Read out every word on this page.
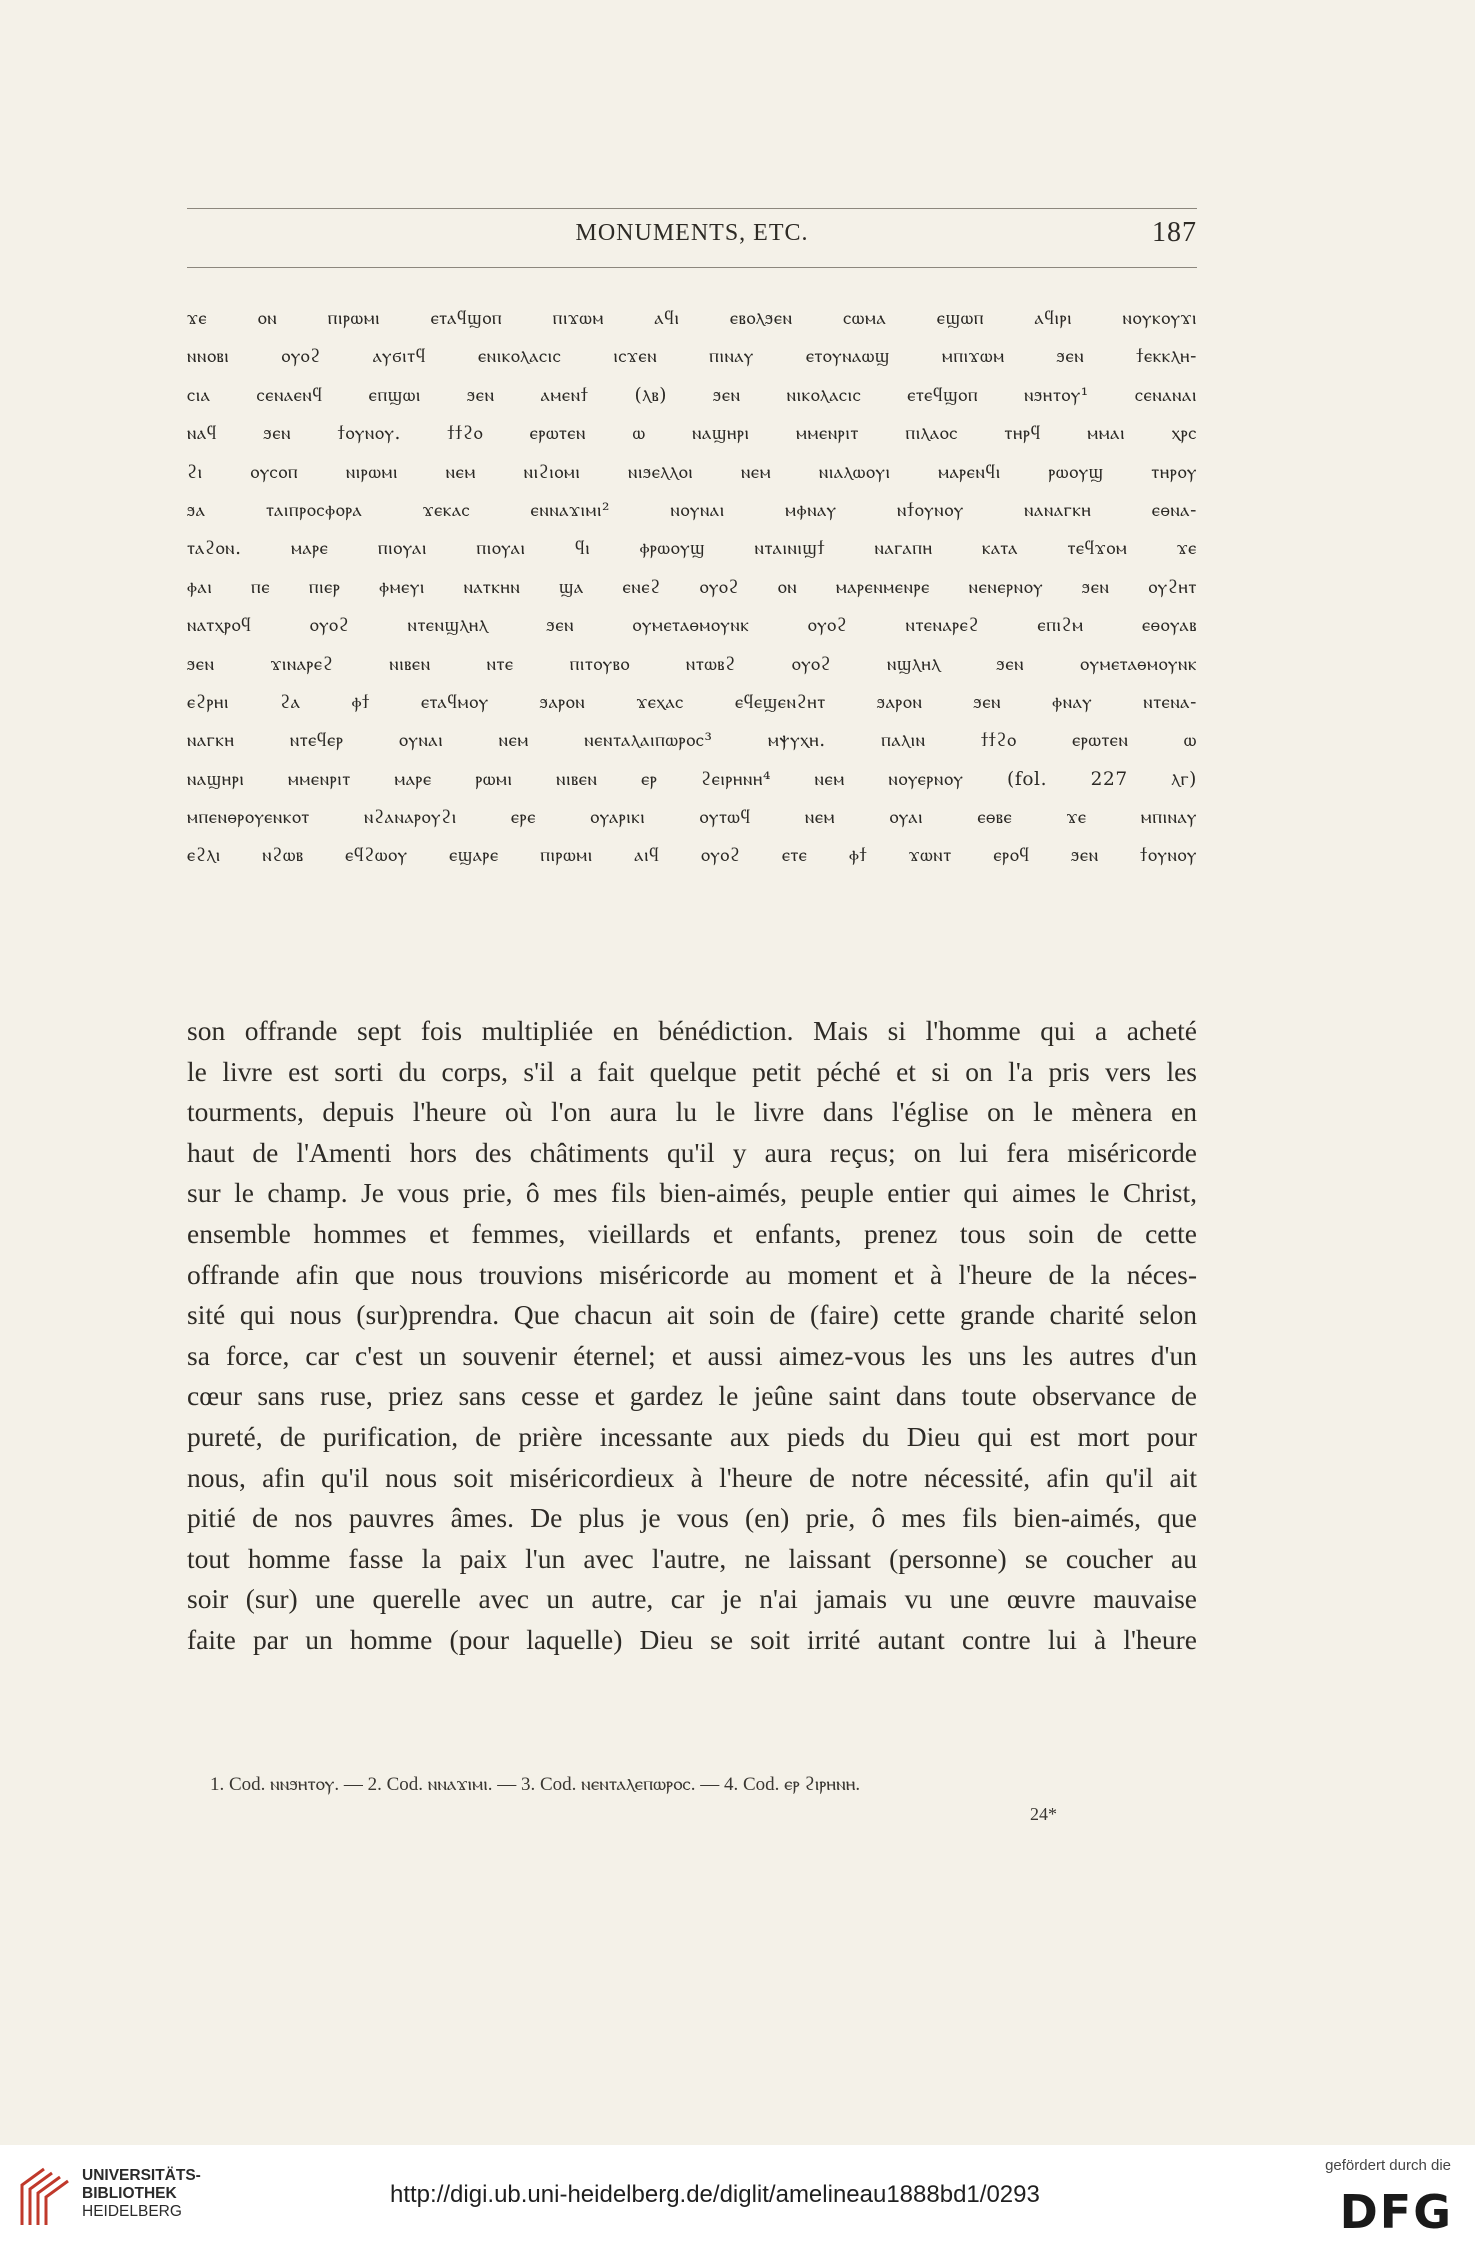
MONUMENTS, ETC.	187
ϫⲉ ⲟⲛ ⲡⲓⲣⲱⲙⲓ ⲉⲧⲁϥϣⲟⲡ ⲡⲓϫⲱⲙ ⲁϥⲓ ⲉⲃⲟⲗϧⲉⲛ ⲥⲱⲙⲁ ⲉϣⲱⲡ ⲁϥⲓⲣⲓ ⲛⲟⲩⲕⲟⲩϫⲓ
ⲛⲛⲟⲃⲓ ⲟⲩⲟϩ ⲁⲩϭⲓⲧϥ ⲉⲛⲓⲕⲟⲗⲁⲥⲓⲥ ⲓⲥϫⲉⲛ ⲡⲓⲛⲁⲩ ⲉⲧⲟⲩⲛⲁⲱϣ ⲙⲡⲓϫⲱⲙ ϧⲉⲛ ϯⲉⲕⲕⲗⲏ-
ⲥⲓⲁ ⲥⲉⲛⲁⲉⲛϥ ⲉⲡϣⲱⲓ ϧⲉⲛ ⲁⲙⲉⲛϯ (ⲗⲃ) ϧⲉⲛ ⲛⲓⲕⲟⲗⲁⲥⲓⲥ ⲉⲧⲉϥϣⲟⲡ ⲛϧⲏⲧⲟⲩ¹ ⲥⲉⲛⲁⲛⲁⲓ
ⲛⲁϥ ϧⲉⲛ ϯⲟⲩⲛⲟⲩ. ϯϯϩⲟ ⲉⲣⲱⲧⲉⲛ ⲱ ⲛⲁϣⲏⲣⲓ ⲙⲙⲉⲛⲣⲓⲧ ⲡⲓⲗⲁⲟⲥ ⲧⲏⲣϥ ⲙⲙⲁⲓ ⲭⲣⲥ
ϩⲓ ⲟⲩⲥⲟⲡ ⲛⲓⲣⲱⲙⲓ ⲛⲉⲙ ⲛⲓϩⲓⲟⲙⲓ ⲛⲓϧⲉⲗⲗⲟⲓ ⲛⲉⲙ ⲛⲓⲁⲗⲱⲟⲩⲓ ⲙⲁⲣⲉⲛϥⲓ ⲣⲱⲟⲩϣ ⲧⲏⲣⲟⲩ
ϧⲁ ⲧⲁⲓⲡⲣⲟⲥⲫⲟⲣⲁ ϫⲉⲕⲁⲥ ⲉⲛⲛⲁϫⲓⲙⲓ² ⲛⲟⲩⲛⲁⲓ ⲙⲫⲛⲁⲩ ⲛϯⲟⲩⲛⲟⲩ ⲛⲁⲛⲁⲅⲕⲏ ⲉⲑⲛⲁ-
ⲧⲁϩⲟⲛ. ⲙⲁⲣⲉ ⲡⲓⲟⲩⲁⲓ ⲡⲓⲟⲩⲁⲓ ϥⲓ ⲫⲣⲱⲟⲩϣ ⲛⲧⲁⲓⲛⲓϣϯ ⲛⲁⲅⲁⲡⲏ ⲕⲁⲧⲁ ⲧⲉϥϫⲟⲙ ϫⲉ
ⲫⲁⲓ ⲡⲉ ⲡⲓⲉⲣ ⲫⲙⲉⲩⲓ ⲛⲁⲧⲕⲏⲛ ϣⲁ ⲉⲛⲉϩ ⲟⲩⲟϩ ⲟⲛ ⲙⲁⲣⲉⲛⲙⲉⲛⲣⲉ ⲛⲉⲛⲉⲣⲛⲟⲩ ϧⲉⲛ ⲟⲩϩⲏⲧ
ⲛⲁⲧⲭⲣⲟϥ ⲟⲩⲟϩ ⲛⲧⲉⲛϣⲗⲏⲗ ϧⲉⲛ ⲟⲩⲙⲉⲧⲁⲑⲙⲟⲩⲛⲕ ⲟⲩⲟϩ ⲛⲧⲉⲛⲁⲣⲉϩ ⲉⲡⲓϩⲙ ⲉⲑⲟⲩⲁⲃ
ϧⲉⲛ ϫⲓⲛⲁⲣⲉϩ ⲛⲓⲃⲉⲛ ⲛⲧⲉ ⲡⲓⲧⲟⲩⲃⲟ ⲛⲧⲱⲃϩ ⲟⲩⲟϩ ⲛϣⲗⲏⲗ ϧⲉⲛ ⲟⲩⲙⲉⲧⲁⲑⲙⲟⲩⲛⲕ
ⲉϩⲣⲏⲓ ϩⲁ ⲫϯ ⲉⲧⲁϥⲙⲟⲩ ϧⲁⲣⲟⲛ ϫⲉⲭⲁⲥ ⲉϥⲉϣⲉⲛϩⲏⲧ ϧⲁⲣⲟⲛ ϧⲉⲛ ⲫⲛⲁⲩ ⲛⲧⲉⲛⲁ-
ⲛⲁⲅⲕⲏ ⲛⲧⲉϥⲉⲣ ⲟⲩⲛⲁⲓ ⲛⲉⲙ ⲛⲉⲛⲧⲁⲗⲁⲓⲡⲱⲣⲟⲥ³ ⲙⲯⲩⲭⲏ. ⲡⲁⲗⲓⲛ ϯϯϩⲟ ⲉⲣⲱⲧⲉⲛ ⲱ
ⲛⲁϣⲏⲣⲓ ⲙⲙⲉⲛⲣⲓⲧ ⲙⲁⲣⲉ ⲣⲱⲙⲓ ⲛⲓⲃⲉⲛ ⲉⲣ ϩⲉⲓⲣⲏⲛⲏ⁴ ⲛⲉⲙ ⲛⲟⲩⲉⲣⲛⲟⲩ (fol. 227 ⲗⲅ)
ⲙⲡⲉⲛⲑⲣⲟⲩⲉⲛⲕⲟⲧ ⲛϩⲁⲛⲁⲣⲟⲩϩⲓ ⲉⲣⲉ ⲟⲩⲁⲣⲓⲕⲓ ⲟⲩⲧⲱϥ ⲛⲉⲙ ⲟⲩⲁⲓ ⲉⲑⲃⲉ ϫⲉ ⲙⲡⲓⲛⲁⲩ
ⲉϩⲗⲓ ⲛϩⲱⲃ ⲉϥϩⲱⲟⲩ ⲉϣⲁⲣⲉ ⲡⲓⲣⲱⲙⲓ ⲁⲓϥ ⲟⲩⲟϩ ⲉⲧⲉ ⲫϯ ϫⲱⲛⲧ ⲉⲣⲟϥ ϧⲉⲛ ϯⲟⲩⲛⲟⲩ
son offrande sept fois multipliée en bénédiction. Mais si l'homme qui a acheté
le livre est sorti du corps, s'il a fait quelque petit péché et si on l'a pris vers les
tourments, depuis l'heure où l'on aura lu le livre dans l'église on le mènera en
haut de l'Amenti hors des châtiments qu'il y aura reçus; on lui fera miséricorde
sur le champ. Je vous prie, ô mes fils bien-aimés, peuple entier qui aimes le Christ,
ensemble hommes et femmes, vieillards et enfants, prenez tous soin de cette
offrande afin que nous trouvions miséricorde au moment et à l'heure de la néces-
sité qui nous (sur)prendra. Que chacun ait soin de (faire) cette grande charité selon
sa force, car c'est un souvenir éternel; et aussi aimez-vous les uns les autres d'un
cœur sans ruse, priez sans cesse et gardez le jeûne saint dans toute observance de
pureté, de purification, de prière incessante aux pieds du Dieu qui est mort pour
nous, afin qu'il nous soit miséricordieux à l'heure de notre nécessité, afin qu'il ait
pitié de nos pauvres âmes. De plus je vous (en) prie, ô mes fils bien-aimés, que
tout homme fasse la paix l'un avec l'autre, ne laissant (personne) se coucher au
soir (sur) une querelle avec un autre, car je n'ai jamais vu une œuvre mauvaise
faite par un homme (pour laquelle) Dieu se soit irrité autant contre lui à l'heure
1. Cod. ⲛⲛϧⲏⲧⲟⲩ. — 2. Cod. ⲛⲛⲁϫⲓⲙⲓ. — 3. Cod. ⲛⲉⲛⲧⲁⲗⲉⲡⲱⲣⲟⲥ. — 4. Cod. ⲉⲣ ϩⲓⲣⲏⲛⲏ.
24*
UNIVERSITÄTS-
BIBLIOTHEK
HEIDELBERG
http://digi.ub.uni-heidelberg.de/diglit/amelineau1888bd1/0293
gefördert durch die
DFG
